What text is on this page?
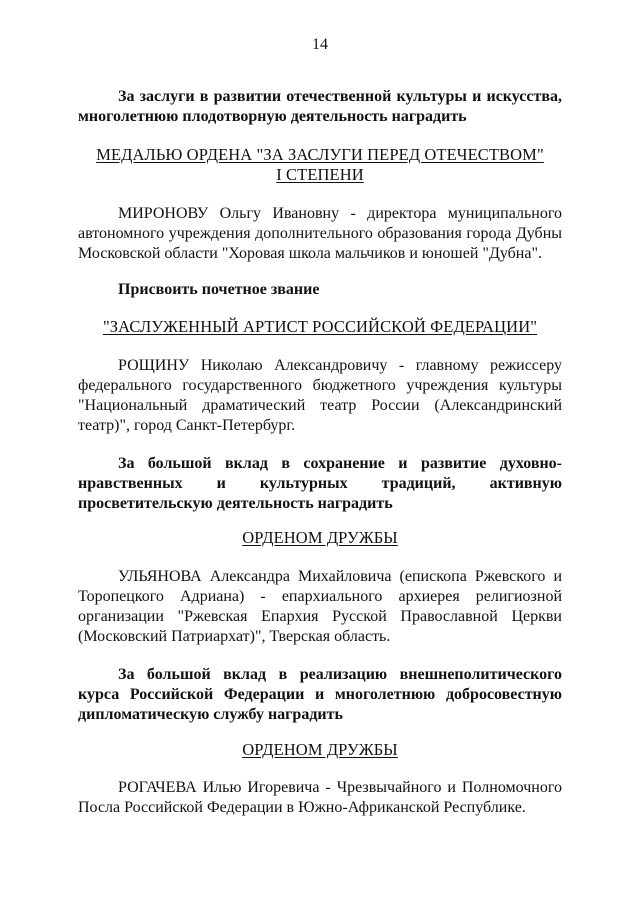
14
За заслуги в развитии отечественной культуры и искусства, многолетнюю плодотворную деятельность наградить
МЕДАЛЬЮ ОРДЕНА "ЗА ЗАСЛУГИ ПЕРЕД ОТЕЧЕСТВОМ"
I СТЕПЕНИ
МИРОНОВУ Ольгу Ивановну - директора муниципального автономного учреждения дополнительного образования города Дубны Московской области "Хоровая школа мальчиков и юношей "Дубна".
Присвоить почетное звание
"ЗАСЛУЖЕННЫЙ АРТИСТ РОССИЙСКОЙ ФЕДЕРАЦИИ"
РОЩИНУ Николаю Александровичу - главному режиссеру федерального государственного бюджетного учреждения культуры "Национальный драматический театр России (Александринский театр)", город Санкт-Петербург.
За большой вклад в сохранение и развитие духовно-нравственных и культурных традиций, активную просветительскую деятельность наградить
ОРДЕНОМ ДРУЖБЫ
УЛЬЯНОВА Александра Михайловича (епископа Ржевского и Торопецкого Адриана) - епархиального архиерея религиозной организации "Ржевская Епархия Русской Православной Церкви (Московский Патриархат)", Тверская область.
За большой вклад в реализацию внешнеполитического курса Российской Федерации и многолетнюю добросовестную дипломатическую службу наградить
ОРДЕНОМ ДРУЖБЫ
РОГАЧЕВА Илью Игоревича - Чрезвычайного и Полномочного Посла Российской Федерации в Южно-Африканской Республике.
